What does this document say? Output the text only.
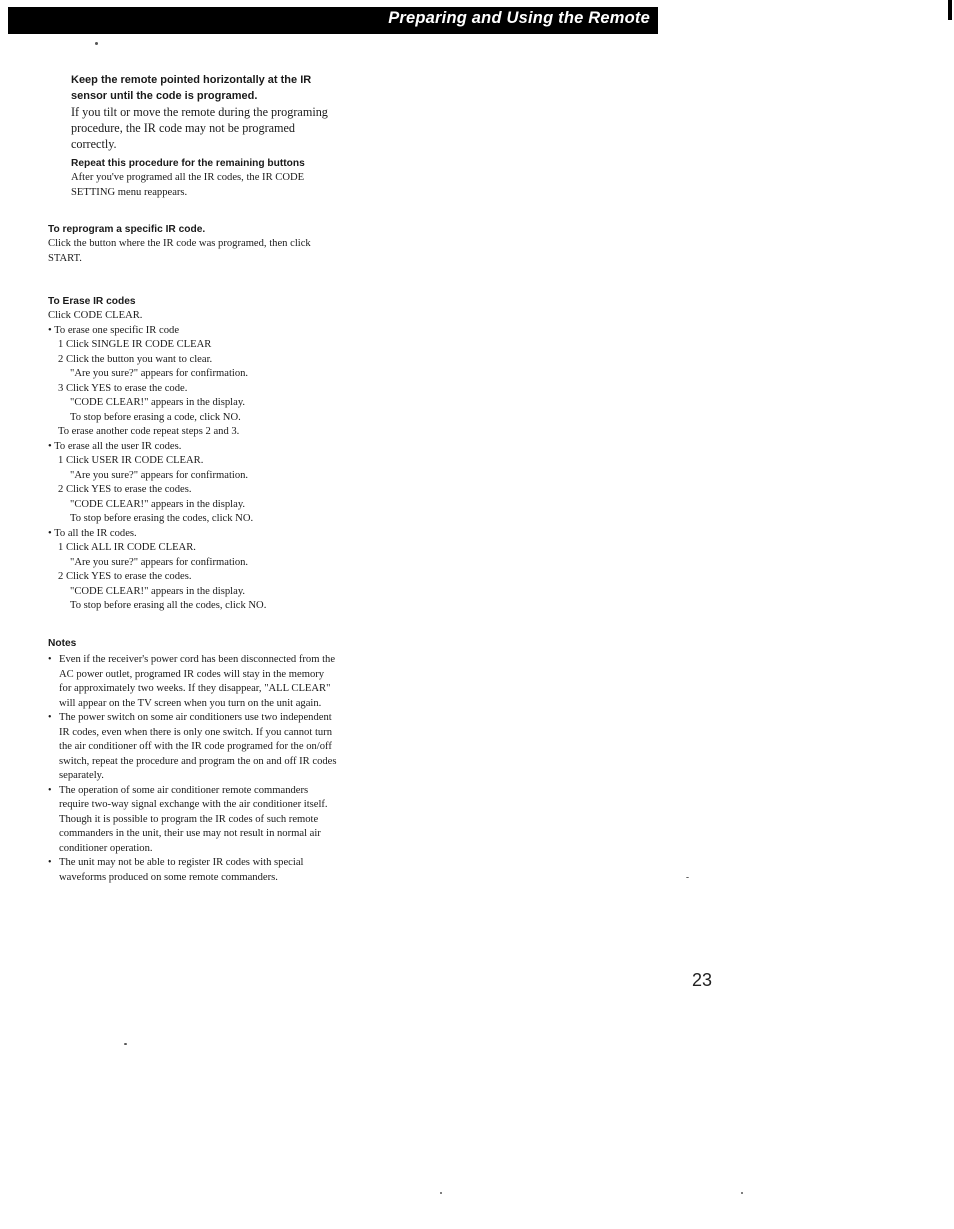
Preparing and Using the Remote

Keep the remote pointed horizontally at the IR sensor until the code is programed.

If you tilt or move the remote during the programing procedure, the IR code may not be programed correctly.

Repeat this procedure for the remaining buttons

After you've programed all the IR codes, the IR CODE SETTING menu reappears.

To reprogram a specific IR code.

Click the button where the IR code was programed, then click START.

To Erase IR codes

Click CODE CLEAR.
• To erase one specific IR code
1 Click SINGLE IR CODE CLEAR
2 Click the button you want to clear.
"Are you sure?" appears for confirmation.
3 Click YES to erase the code.
"CODE CLEAR!" appears in the display.
To stop before erasing a code, click NO.
To erase another code repeat steps 2 and 3.
• To erase all the user IR codes.
1 Click USER IR CODE CLEAR.
"Are you sure?" appears for confirmation.
2 Click YES to erase the codes.
"CODE CLEAR!" appears in the display.
To stop before erasing the codes, click NO.
• To all the IR codes.
1 Click ALL IR CODE CLEAR.
"Are you sure?" appears for confirmation.
2 Click YES to erase the codes.
"CODE CLEAR!" appears in the display.
To stop before erasing all the codes, click NO.

Notes

• Even if the receiver's power cord has been disconnected from the AC power outlet, programed IR codes will stay in the memory for approximately two weeks. If they disappear, "ALL CLEAR" will appear on the TV screen when you turn on the unit again.
• The power switch on some air conditioners use two independent IR codes, even when there is only one switch. If you cannot turn the air conditioner off with the IR code programed for the on/off switch, repeat the procedure and program the on and off IR codes separately.
• The operation of some air conditioner remote commanders require two-way signal exchange with the air conditioner itself. Though it is possible to program the IR codes of such remote commanders in the unit, their use may not result in normal air conditioner operation.
• The unit may not be able to register IR codes with special waveforms produced on some remote commanders.
23
